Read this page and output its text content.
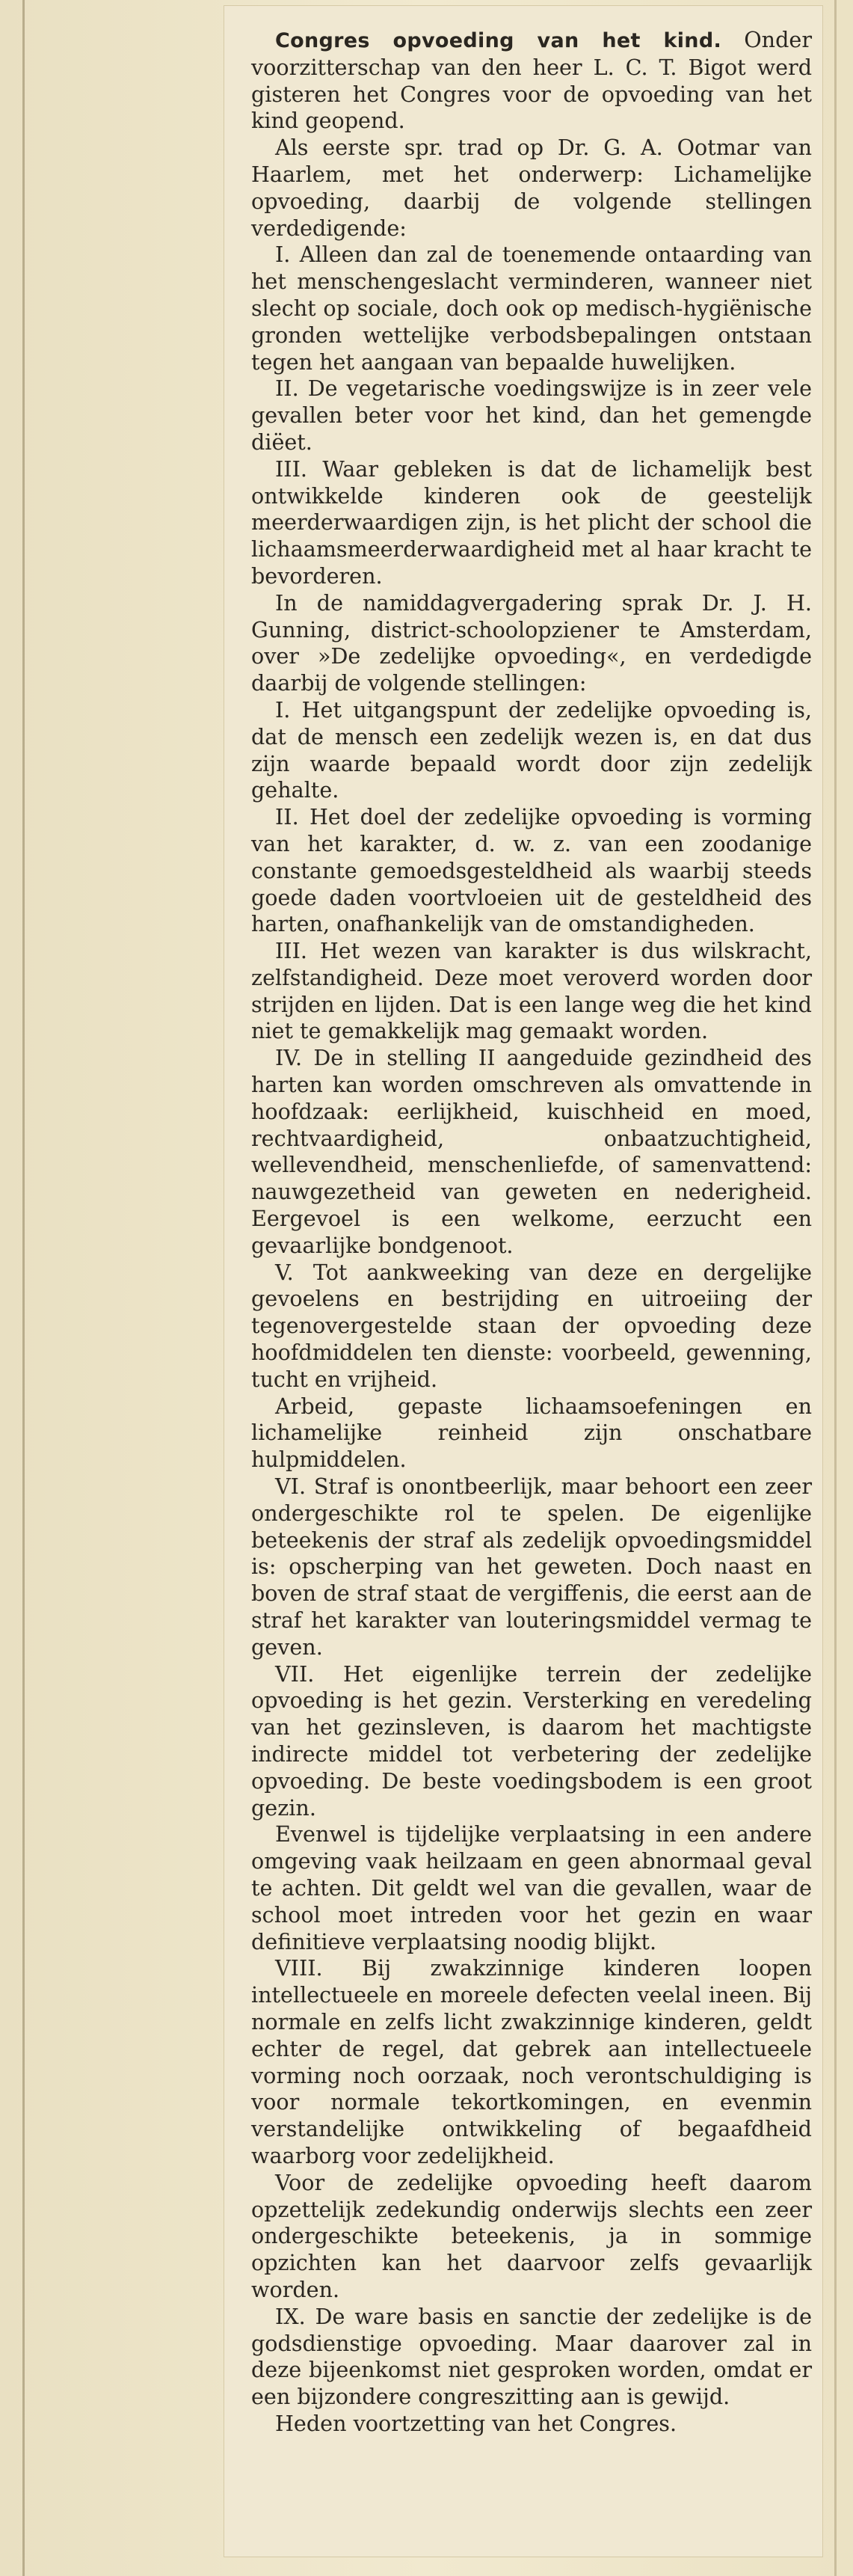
Congres opvoeding van het kind. Onder voorzitterschap van den heer L. C. T. Bigot werd gisteren het Congres voor de opvoeding van het kind geopend.

Als eerste spr. trad op Dr. G. A. Ootmar van Haarlem, met het onderwerp: Lichamelijke opvoeding, daarbij de volgende stellingen verdedigende:

I. Alleen dan zal de toenemende ontaarding van het menschengeslacht verminderen, wanneer niet slecht op sociale, doch ook op medisch-hygiënische gronden wettelijke verbodsbepalingen ontstaan tegen het aangaan van bepaalde huwelijken.

II. De vegetarische voedingswijze is in zeer vele gevallen beter voor het kind, dan het gemengde diëet.

III. Waar gebleken is dat de lichamelijk best ontwikkelde kinderen ook de geestelijk meerderwaardigen zijn, is het plicht der school die lichaamsmeerderwaardigheid met al haar kracht te bevorderen.

In de namiddagvergadering sprak Dr. J. H. Gunning, district-schoolopziener te Amsterdam, over »De zedelijke opvoeding«, en verdedigde daarbij de volgende stellingen:

I. Het uitgangspunt der zedelijke opvoeding is, dat de mensch een zedelijk wezen is, en dat dus zijn waarde bepaald wordt door zijn zedelijk gehalte.

II. Het doel der zedelijke opvoeding is vorming van het karakter, d. w. z. van een zoodanige constante gemoedsgesteldheid als waarbij steeds goede daden voortvloeien uit de gesteldheid des harten, onafhankelijk van de omstandigheden.

III. Het wezen van karakter is dus wilskracht, zelfstandigheid. Deze moet veroverd worden door strijden en lijden. Dat is een lange weg die het kind niet te gemakkelijk mag gemaakt worden.

IV. De in stelling II aangeduide gezindheid des harten kan worden omschreven als omvattende in hoofdzaak: eerlijkheid, kuischheid en moed, rechtvaardigheid, onbaatzuchtigheid, wellevendheid, menschenliefde, of samenvattend: nauwgezetheid van geweten en nederigheid. Eergevoel is een welkome, eerzucht een gevaarlijke bondgenoot.

V. Tot aankweeking van deze en dergelijke gevoelens en bestrijding en uitroeiing der tegenovergestelde staan der opvoeding deze hoofdmiddelen ten dienste: voorbeeld, gewenning, tucht en vrijheid.

Arbeid, gepaste lichaamsoefeningen en lichamelijke reinheid zijn onschatbare hulpmiddelen.

VI. Straf is onontbeerlijk, maar behoort een zeer ondergeschikte rol te spelen. De eigenlijke beteekenis der straf als zedelijk opvoedingsmiddel is: opscherping van het geweten. Doch naast en boven de straf staat de vergiffenis, die eerst aan de straf het karakter van louteringsmiddel vermag te geven.

VII. Het eigenlijke terrein der zedelijke opvoeding is het gezin. Versterking en veredeling van het gezinsleven, is daarom het machtigste indirecte middel tot verbetering der zedelijke opvoeding. De beste voedingsbodem is een groot gezin.

Evenwel is tijdelijke verplaatsing in een andere omgeving vaak heilzaam en geen abnormaal geval te achten. Dit geldt wel van die gevallen, waar de school moet intreden voor het gezin en waar definitieve verplaatsing noodig blijkt.

VIII. Bij zwakzinnige kinderen loopen intellectueele en moreele defecten veelal ineen. Bij normale en zelfs licht zwakzinnige kinderen, geldt echter de regel, dat gebrek aan intellectueele vorming noch oorzaak, noch verontschuldiging is voor normale tekortkomingen, en evenmin verstandelijke ontwikkeling of begaafdheid waarborg voor zedelijkheid.

Voor de zedelijke opvoeding heeft daarom opzettelijk zedekundig onderwijs slechts een zeer ondergeschikte beteekenis, ja in sommige opzichten kan het daarvoor zelfs gevaarlijk worden.

IX. De ware basis en sanctie der zedelijke is de godsdienstige opvoeding. Maar daarover zal in deze bijeenkomst niet gesproken worden, omdat er een bijzondere congreszitting aan is gewijd.

Heden voortzetting van het Congres.
